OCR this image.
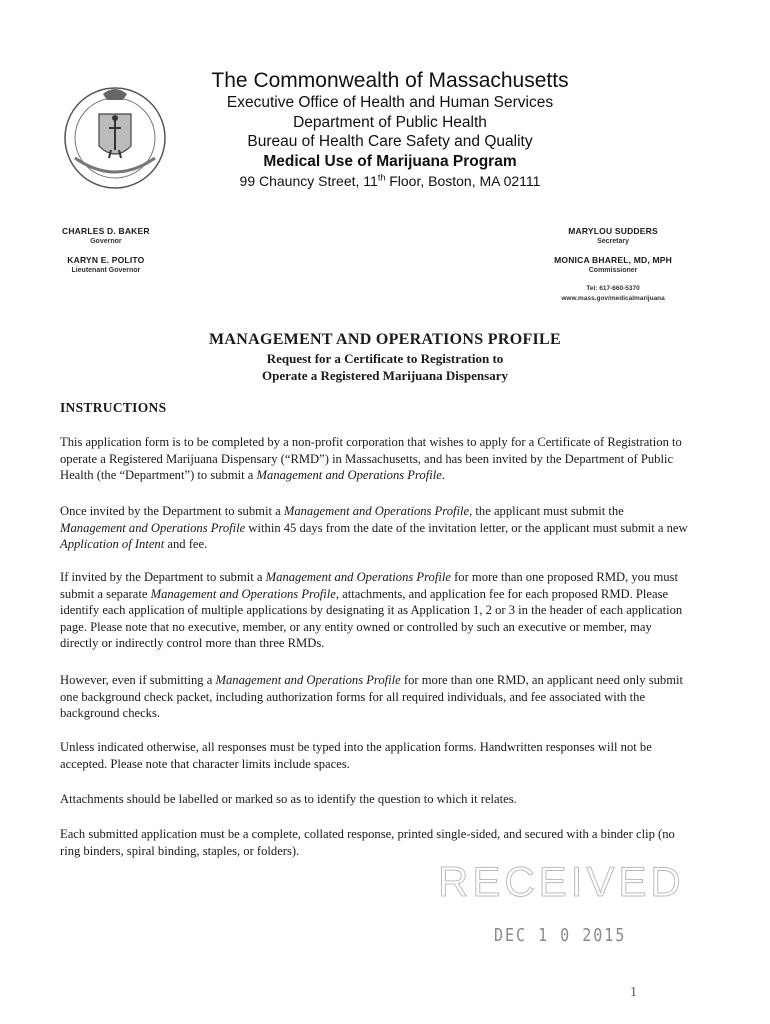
The Commonwealth of Massachusetts
Executive Office of Health and Human Services
Department of Public Health
Bureau of Health Care Safety and Quality
Medical Use of Marijuana Program
99 Chauncy Street, 11th Floor, Boston, MA 02111
CHARLES D. BAKER
Governor
KARYN E. POLITO
Lieutenant Governor
MARYLOU SUDDERS
Secretary
MONICA BHAREL, MD, MPH
Commissioner
Tel: 617-660-5370
www.mass.gov/medicalmarijuana
MANAGEMENT AND OPERATIONS PROFILE
Request for a Certificate to Registration to
Operate a Registered Marijuana Dispensary
INSTRUCTIONS

This application form is to be completed by a non-profit corporation that wishes to apply for a Certificate of Registration to operate a Registered Marijuana Dispensary (“RMD”) in Massachusetts, and has been invited by the Department of Public Health (the “Department”) to submit a Management and Operations Profile.

Once invited by the Department to submit a Management and Operations Profile, the applicant must submit the Management and Operations Profile within 45 days from the date of the invitation letter, or the applicant must submit a new Application of Intent and fee.

If invited by the Department to submit a Management and Operations Profile for more than one proposed RMD, you must submit a separate Management and Operations Profile, attachments, and application fee for each proposed RMD. Please identify each application of multiple applications by designating it as Application 1, 2 or 3 in the header of each application page. Please note that no executive, member, or any entity owned or controlled by such an executive or member, may directly or indirectly control more than three RMDs.

However, even if submitting a Management and Operations Profile for more than one RMD, an applicant need only submit one background check packet, including authorization forms for all required individuals, and fee associated with the background checks.

Unless indicated otherwise, all responses must be typed into the application forms. Handwritten responses will not be accepted. Please note that character limits include spaces.

Attachments should be labelled or marked so as to identify the question to which it relates.

Each submitted application must be a complete, collated response, printed single-sided, and secured with a binder clip (no ring binders, spiral binding, staples, or folders).

RECEIVED
DEC 1 0 2015
1
